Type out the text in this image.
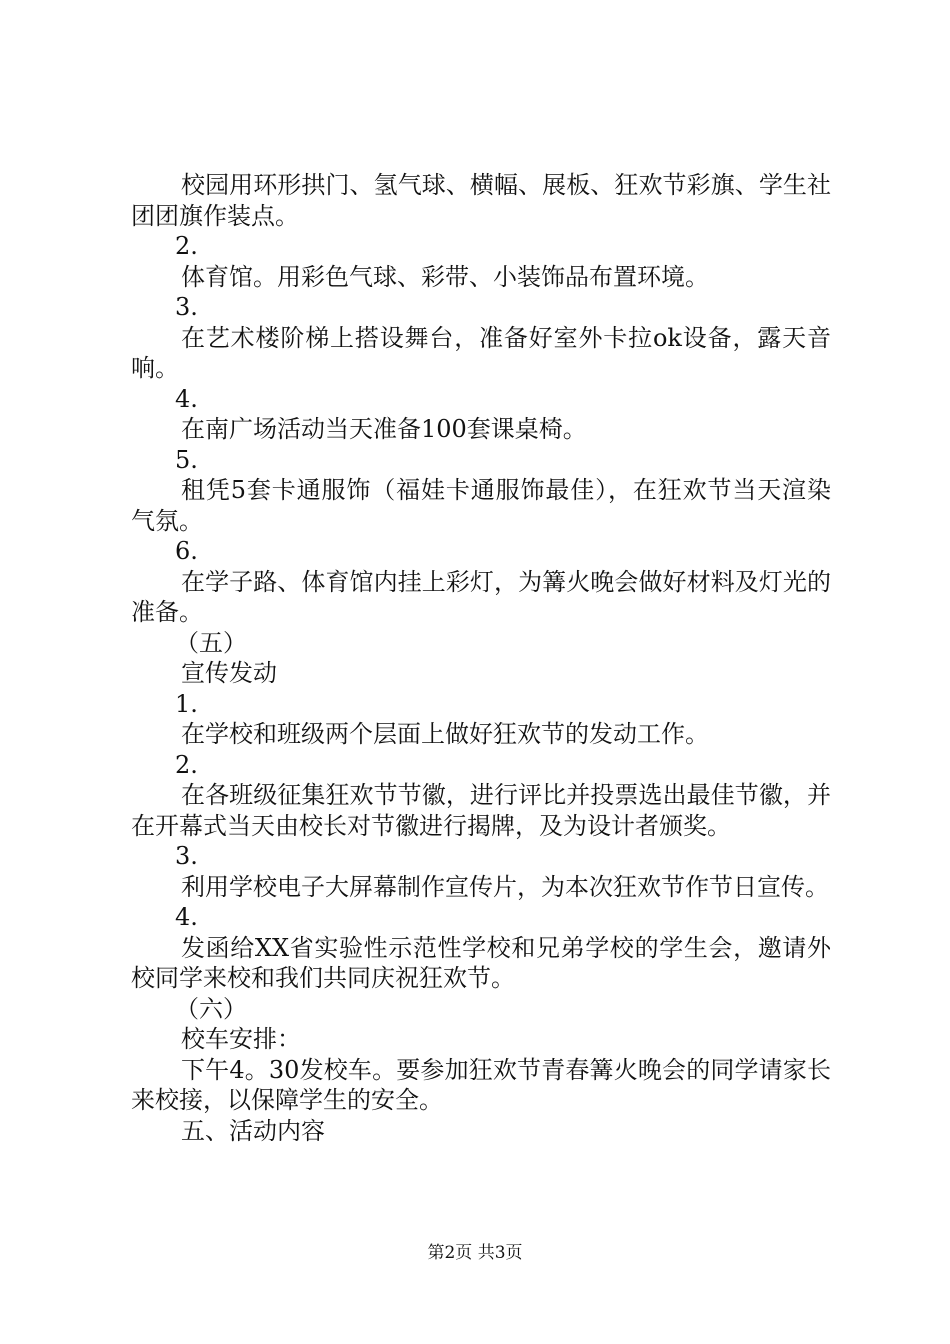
校园用环形拱门、氢气球、横幅、展板、狂欢节彩旗、学生社团团旗作装点。

2.

体育馆。用彩色气球、彩带、小装饰品布置环境。

3.

在艺术楼阶梯上搭设舞台，准备好室外卡拉ok设备，露天音响。

4.

在南广场活动当天准备100套课桌椅。

5.

租凭5套卡通服饰（福娃卡通服饰最佳），在狂欢节当天渲染气氛。

6.

在学子路、体育馆内挂上彩灯，为篝火晚会做好材料及灯光的准备。

（五）

宣传发动

1.

在学校和班级两个层面上做好狂欢节的发动工作。

2.

在各班级征集狂欢节节徽，进行评比并投票选出最佳节徽，并在开幕式当天由校长对节徽进行揭牌，及为设计者颁奖。

3.

利用学校电子大屏幕制作宣传片，为本次狂欢节作节日宣传。

4.

发函给XX省实验性示范性学校和兄弟学校的学生会，邀请外校同学来校和我们共同庆祝狂欢节。

（六）

校车安排：

下午4。30发校车。要参加狂欢节青春篝火晚会的同学请家长来校接，以保障学生的安全。

五、活动内容

第2页 共3页
